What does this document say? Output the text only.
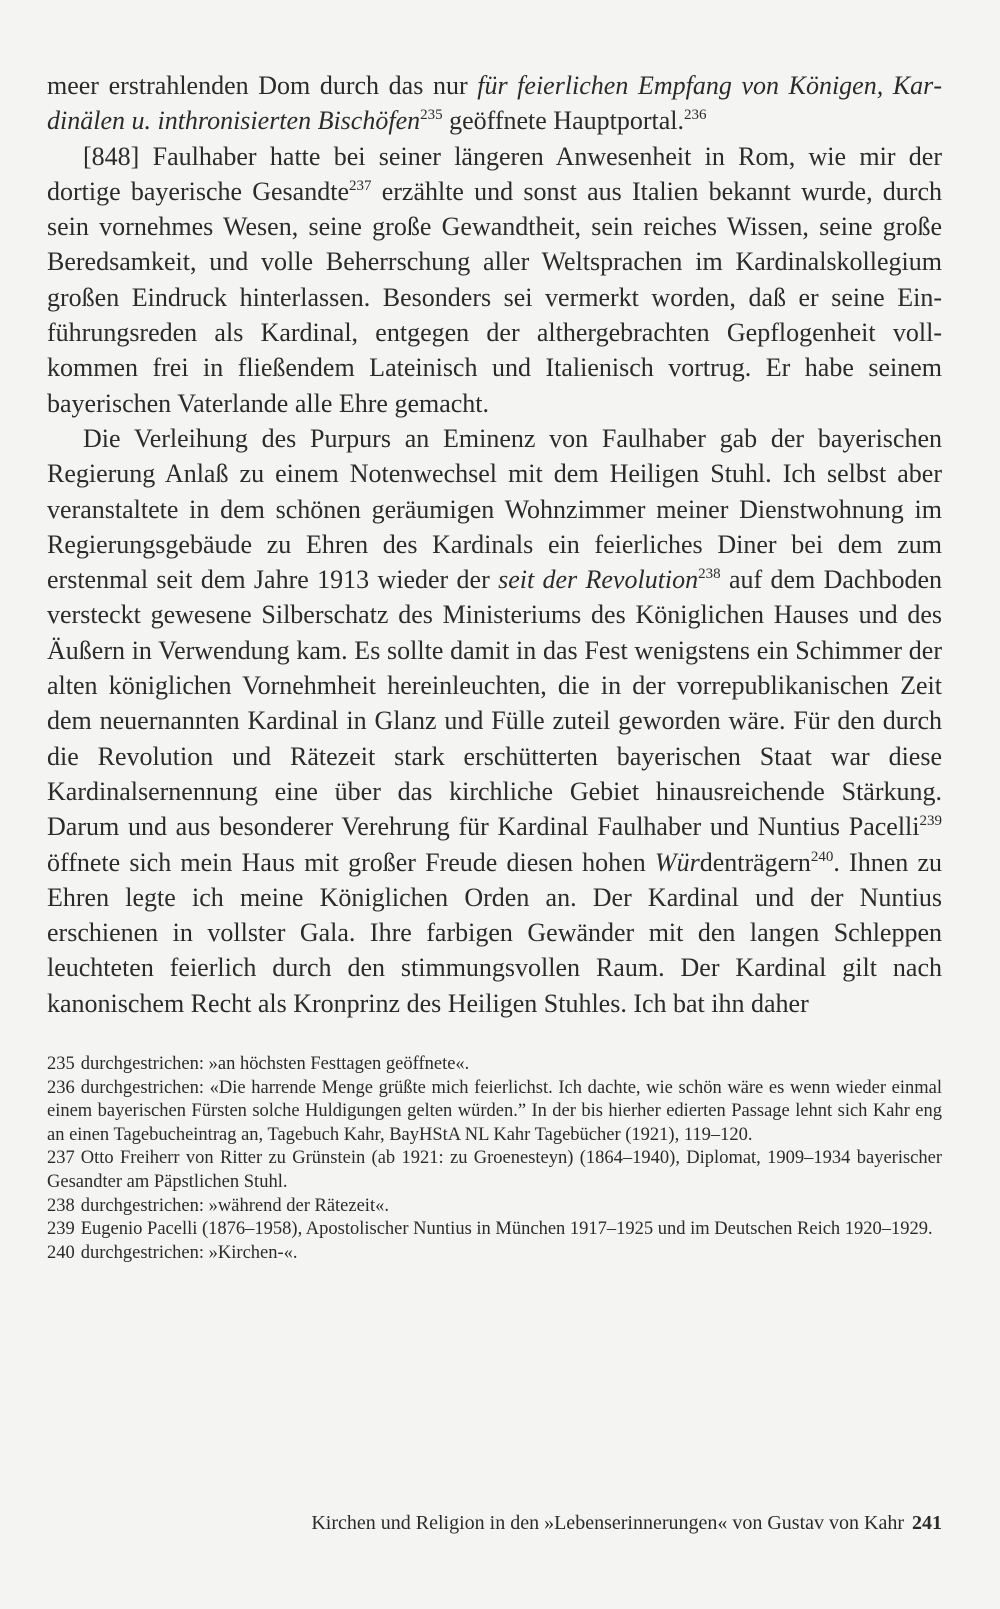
meer erstrahlenden Dom durch das nur für feierlichen Empfang von Königen, Kardinälen u. inthronisierten Bischöfen$^{235}$ geöffnete Hauptportal.$^{236}$

[848] Faulhaber hatte bei seiner längeren Anwesenheit in Rom, wie mir der dortige bayerische Gesandte$^{237}$ erzählte und sonst aus Italien bekannt wurde, durch sein vornehmes Wesen, seine große Gewandtheit, sein reiches Wissen, seine große Beredsamkeit, und volle Beherrschung aller Weltsprachen im Kardinalskollegium großen Eindruck hinterlassen. Besonders sei vermerkt worden, daß er seine Einführungsreden als Kardinal, entgegen der althergebrachten Gepflogenheit vollkommen frei in fließendem Lateinisch und Italienisch vortrug. Er habe seinem bayerischen Vaterlande alle Ehre gemacht.

Die Verleihung des Purpurs an Eminenz von Faulhaber gab der bayerischen Regierung Anlaß zu einem Notenwechsel mit dem Heiligen Stuhl. Ich selbst aber veranstaltete in dem schönen geräumigen Wohnzimmer meiner Dienstwohnung im Regierungsgebäude zu Ehren des Kardinals ein feierliches Diner bei dem zum erstenmal seit dem Jahre 1913 wieder der seit der Revolution$^{238}$ auf dem Dachboden versteckt gewesene Silberschatz des Ministeriums des Königlichen Hauses und des Äußern in Verwendung kam. Es sollte damit in das Fest wenigstens ein Schimmer der alten königlichen Vornehmheit hereinleuchten, die in der vorrepublikanischen Zeit dem neuernannten Kardinal in Glanz und Fülle zuteil geworden wäre. Für den durch die Revolution und Rätezeit stark erschütterten bayerischen Staat war diese Kardinalsernennung eine über das kirchliche Gebiet hinausreichende Stärkung. Darum und aus besonderer Verehrung für Kardinal Faulhaber und Nuntius Pacelli$^{239}$ öffnete sich mein Haus mit großer Freude diesen hohen Würdenträgern$^{240}$. Ihnen zu Ehren legte ich meine Königlichen Orden an. Der Kardinal und der Nuntius erschienen in vollster Gala. Ihre farbigen Gewänder mit den langen Schleppen leuchteten feierlich durch den stimmungsvollen Raum. Der Kardinal gilt nach kanonischem Recht als Kronprinz des Heiligen Stuhles. Ich bat ihn daher

235 durchgestrichen: »an höchsten Festtagen geöffnete«.
236 durchgestrichen: «Die harrende Menge grüßte mich feierlichst. Ich dachte, wie schön wäre es wenn wieder einmal einem bayerischen Fürsten solche Huldigungen gelten würden.” In der bis hierher edierten Passage lehnt sich Kahr eng an einen Tagebucheintrag an, Tagebuch Kahr, BayHStA NL Kahr Tagebücher (1921), 119–120.
237 Otto Freiherr von Ritter zu Grünstein (ab 1921: zu Groenesteyn) (1864–1940), Diplomat, 1909–1934 bayerischer Gesandter am Päpstlichen Stuhl.
238 durchgestrichen: »während der Rätezeit«.
239 Eugenio Pacelli (1876–1958), Apostolischer Nuntius in München 1917–1925 und im Deutschen Reich 1920–1929.
240 durchgestrichen: »Kirchen-«.
Kirchen und Religion in den »Lebenserinnerungen« von Gustav von Kahr 241
